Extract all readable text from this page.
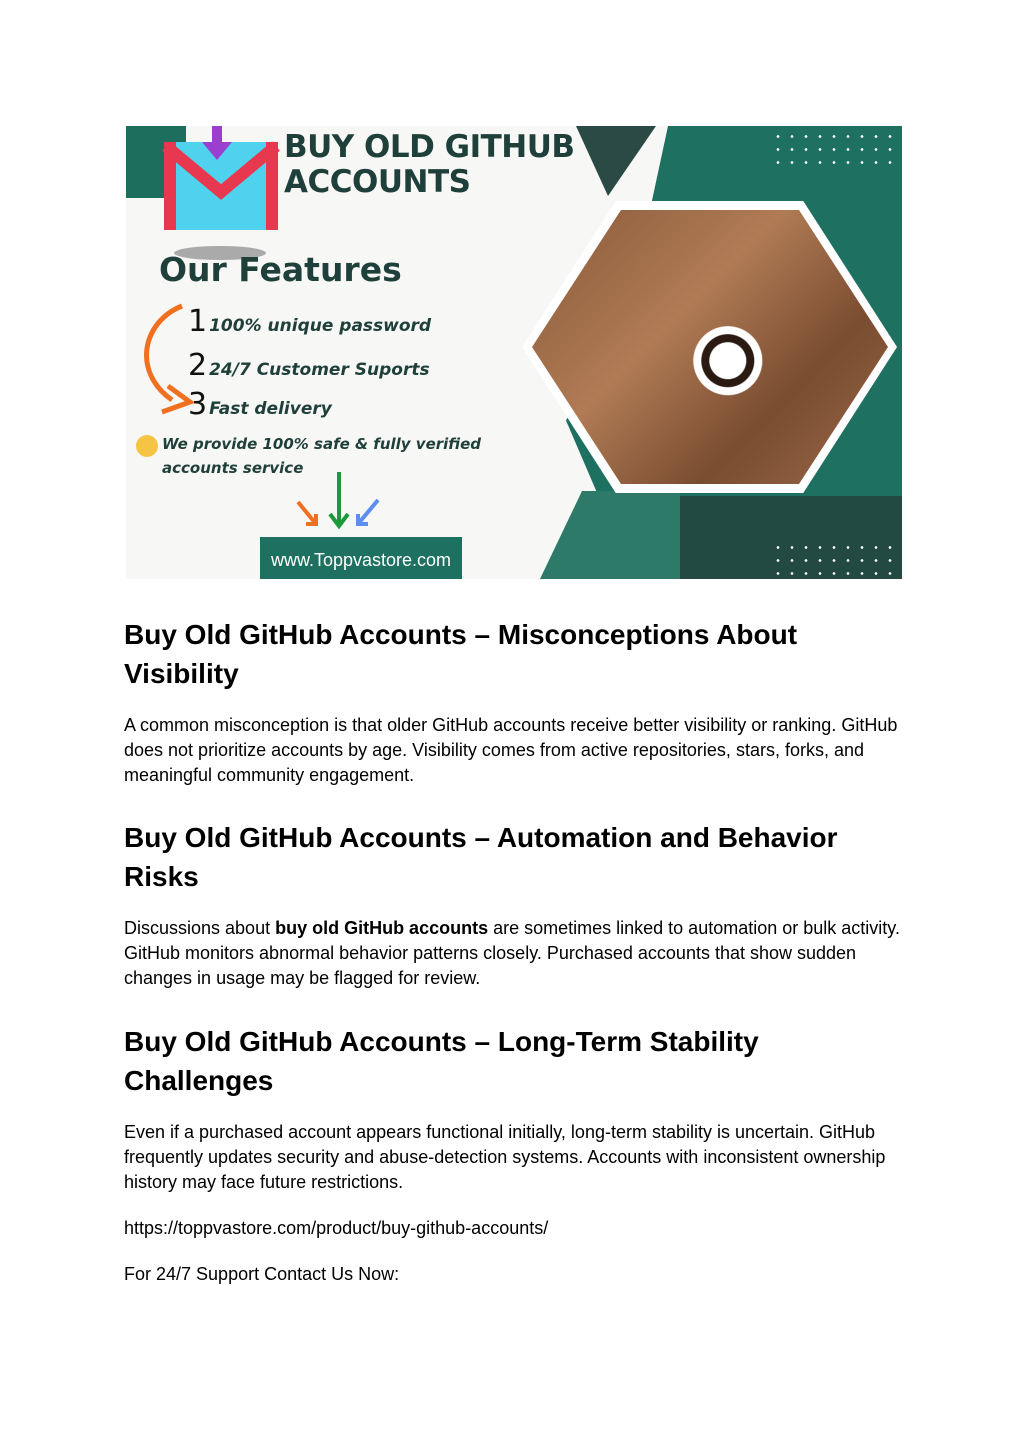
BUY OLD GITHUB
ACCOUNTS
Our Features
1 100% unique password
2 24/7 Customer Suports
3 Fast delivery
We provide 100% safe & fully verified
accounts service
www.Toppvastore.com
Buy Old GitHub Accounts – Misconceptions About Visibility

A common misconception is that older GitHub accounts receive better visibility or ranking. GitHub does not prioritize accounts by age. Visibility comes from active repositories, stars, forks, and meaningful community engagement.

Buy Old GitHub Accounts – Automation and Behavior Risks

Discussions about buy old GitHub accounts are sometimes linked to automation or bulk activity. GitHub monitors abnormal behavior patterns closely. Purchased accounts that show sudden changes in usage may be flagged for review.

Buy Old GitHub Accounts – Long-Term Stability Challenges

Even if a purchased account appears functional initially, long-term stability is uncertain. GitHub frequently updates security and abuse-detection systems. Accounts with inconsistent ownership history may face future restrictions.

https://toppvastore.com/product/buy-github-accounts/

For 24/7 Support Contact Us Now:
